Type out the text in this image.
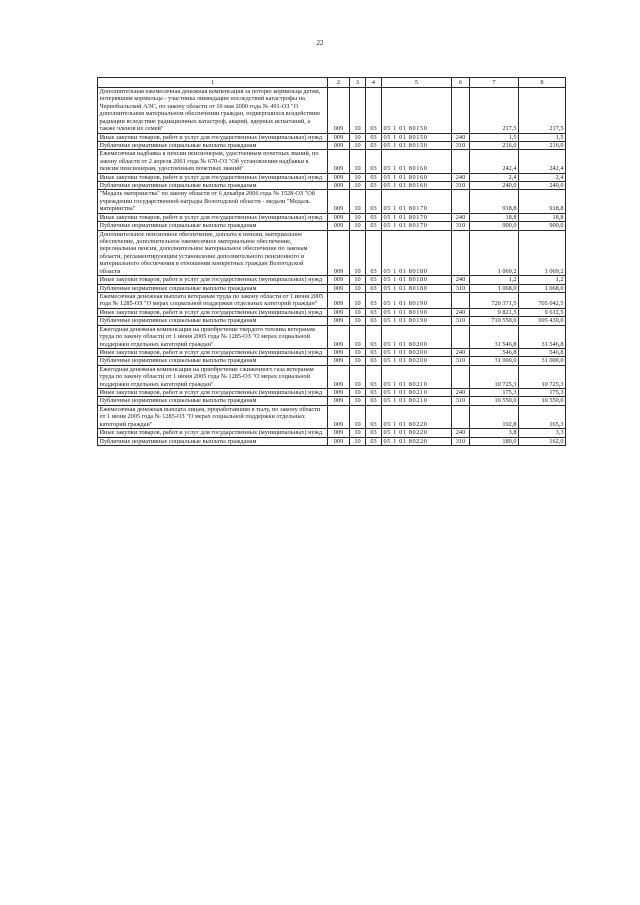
22
1	2	3	4	5	6	7	8
Дополнительная ежемесячная денежная компенсация за потерю кормильца детям, потерявшим кормильца - участника ликвидации последствий катастрофы на Чернобыльской АЭС, по закону области от 10 мая 2000 года № 491-ОЗ "О дополнительном материальном обеспечении граждан, подвергшихся воздействию радиации вследствие радиационных катастроф, аварий, ядерных испытаний, а также членов их семей"	009	10	03	05 1 01 80150		217,5	217,5
Иные закупки товаров, работ и услуг для государственных (муниципальных) нужд	009	10	03	05 1 01 80150	240	1,5	1,5
Публичные нормативные социальные выплаты гражданам	009	10	03	05 1 01 80150	310	216,0	216,0
Ежемесячная надбавка к пенсии пенсионерам, удостоенным почетных званий, по закону области от 2 апреля 2001 года № 670-ОЗ "Об установлении надбавки к пенсии пенсионерам, удостоенным почетных званий"	009	10	03	05 1 01 80160		242,4	242,4
Иные закупки товаров, работ и услуг для государственных (муниципальных) нужд	009	10	03	05 1 01 80160	240	2,4	2,4
Публичные нормативные социальные выплаты гражданам	009	10	03	05 1 01 80160	310	240,0	240,0
"Медаль материнства" по закону области от 6 декабря 2006 года № 1528-ОЗ "Об учреждении государственной награды Вологодской области - медали "Медаль материнства"	009	10	03	05 1 01 80170		918,8	918,8
Иные закупки товаров, работ и услуг для государственных (муниципальных) нужд	009	10	03	05 1 01 80170	240	18,8	18,8
Публичные нормативные социальные выплаты гражданам	009	10	03	05 1 01 80170	310	900,0	900,0
Дополнительное пенсионное обеспечение, доплата к пенсии, материальное обеспечение, дополнительное ежемесячное материальное обеспечение, персональная пенсия, дополнительное материальное обеспечение по законам области, регламентирующим установление дополнительного пенсионного и материального обеспечения в отношении конкретных граждан Вологодской области	009	10	03	05 1 01 80180		1 069,2	1 069,2
Иные закупки товаров, работ и услуг для государственных (муниципальных) нужд	009	10	03	05 1 01 80180	240	1,2	1,2
Публичные нормативные социальные выплаты гражданам	009	10	03	05 1 01 80180	310	1 068,0	1 068,0
Ежемесячная денежная выплата ветеранам труда по закону области от 1 июня 2005 года № 1285-ОЗ "О мерах социальной поддержки отдельных категорий граждан"	009	10	03	05 1 01 80190		720 371,5	705 042,5
Иные закупки товаров, работ и услуг для государственных (муниципальных) нужд	009	10	03	05 1 01 80190	240	9 821,5	9 612,5
Публичные нормативные социальные выплаты гражданам	009	10	03	05 1 01 80190	310	710 550,0	695 430,0
Ежегодная денежная компенсация на приобретение твердого топлива ветеранам труда по закону области от 1 июня 2005 года № 1285-ОЗ "О мерах социальной поддержки отдельных категорий граждан"	009	10	03	05 1 01 80200		31 546,8	31 546,8
Иные закупки товаров, работ и услуг для государственных (муниципальных) нужд	009	10	03	05 1 01 80200	240	546,8	546,8
Публичные нормативные социальные выплаты гражданам	009	10	03	05 1 01 80200	310	31 000,0	31 000,0
Ежегодная денежная компенсация на приобретение сжиженного газа ветеранам труда по закону области от 1 июня 2005 года № 1285-ОЗ "О мерах социальной поддержки отдельных категорий граждан"	009	10	03	05 1 01 80210		10 725,3	10 725,3
Иные закупки товаров, работ и услуг для государственных (муниципальных) нужд	009	10	03	05 1 01 80210	240	175,3	175,3
Публичные нормативные социальные выплаты гражданам	009	10	03	05 1 01 80210	310	10 550,0	10 550,0
Ежемесячная денежная выплата лицам, проработавшим в тылу, по закону области от 1 июня 2005 года № 1285-ОЗ "О мерах социальной поддержки отдельных категорий граждан"	009	10	03	05 1 01 80220		192,8	165,3
Иные закупки товаров, работ и услуг для государственных (муниципальных) нужд	009	10	03	05 1 01 80220	240	3,8	3,3
Публичные нормативные социальные выплаты гражданам	009	10	03	05 1 01 80220	310	189,0	162,0
